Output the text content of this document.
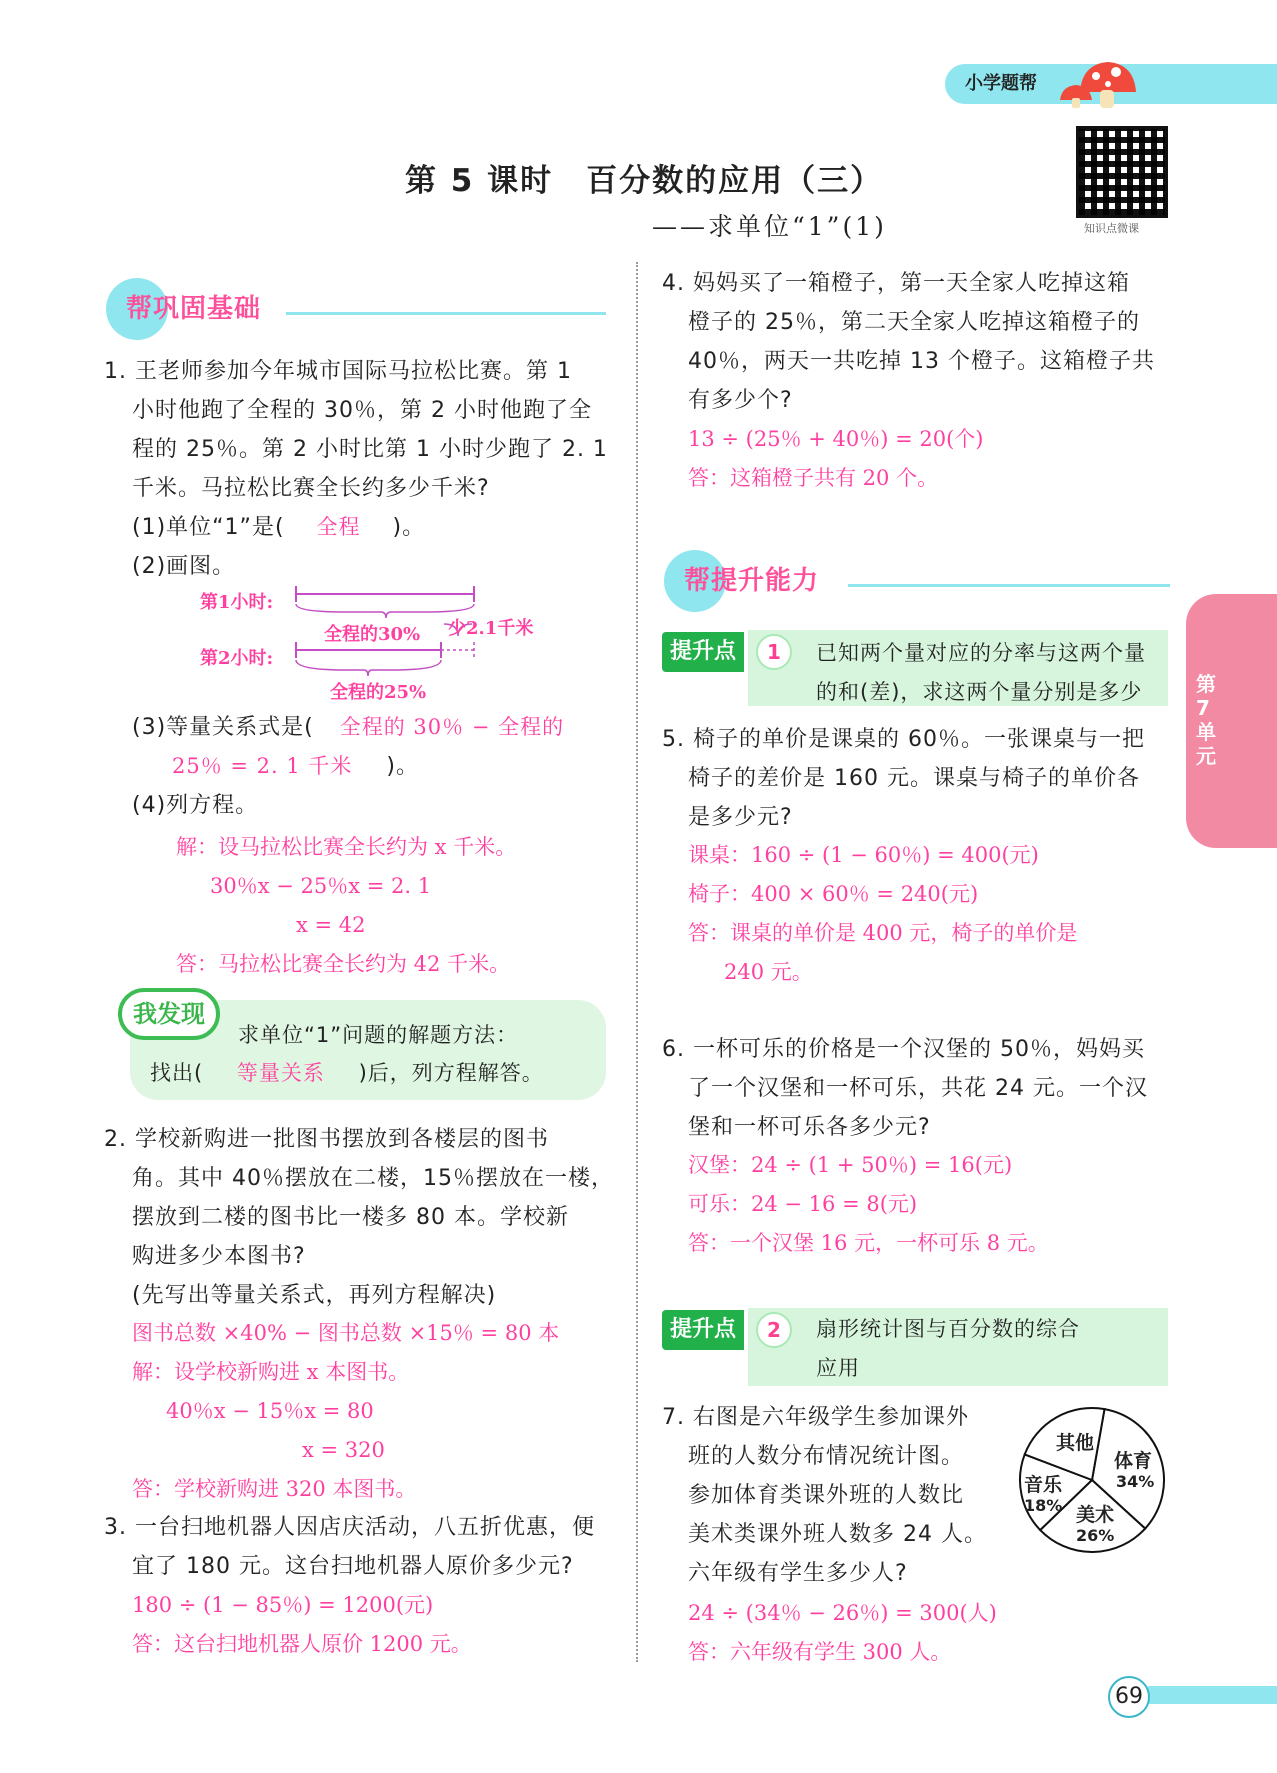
小学题帮
知识点微课
第 5 课时　百分数的应用（三）
——求单位“1”(1)
帮巩固基础
1. 王老师参加今年城市国际马拉松比赛。第 1
小时他跑了全程的 30％，第 2 小时他跑了全
程的 25％。第 2 小时比第 1 小时少跑了 2. 1
千米。马拉松比赛全长约多少千米?
(1)单位“1”是( 全程 )。
(2)画图。
第1小时:
第2小时:
全程的30%
全程的25%
少2.1千米
(3)等量关系式是( 全程的 30％ − 全程的
25％ = 2. 1 千米 )。
(4)列方程。
解：设马拉松比赛全长约为 x 千米。
30％x − 25％x = 2. 1
x = 42
答：马拉松比赛全长约为 42 千米。
我发现
求单位“1”问题的解题方法：
找出( 等量关系 )后，列方程解答。
2. 学校新购进一批图书摆放到各楼层的图书
角。其中 40％摆放在二楼，15％摆放在一楼，
摆放到二楼的图书比一楼多 80 本。学校新
购进多少本图书?
(先写出等量关系式，再列方程解决)
图书总数 ×40% − 图书总数 ×15％ = 80 本
解：设学校新购进 x 本图书。
40％x − 15％x = 80
x = 320
答：学校新购进 320 本图书。
3. 一台扫地机器人因店庆活动，八五折优惠，便
宜了 180 元。这台扫地机器人原价多少元?
180 ÷ (1 − 85％) = 1200(元)
答：这台扫地机器人原价 1200 元。
4. 妈妈买了一箱橙子，第一天全家人吃掉这箱
橙子的 25％，第二天全家人吃掉这箱橙子的
40％，两天一共吃掉 13 个橙子。这箱橙子共
有多少个?
13 ÷ (25％ + 40％) = 20(个)
答：这箱橙子共有 20 个。
帮提升能力
提升点	1	已知两个量对应的分率与这两个量
的和(差)，求这两个量分别是多少
5. 椅子的单价是课桌的 60％。一张课桌与一把
椅子的差价是 160 元。课桌与椅子的单价各
是多少元?
课桌：160 ÷ (1 − 60％) = 400(元)
椅子：400 × 60％ = 240(元)
答：课桌的单价是 400 元，椅子的单价是
240 元。
6. 一杯可乐的价格是一个汉堡的 50％，妈妈买
了一个汉堡和一杯可乐，共花 24 元。一个汉
堡和一杯可乐各多少元?
汉堡：24 ÷ (1 + 50％) = 16(元)
可乐：24 − 16 = 8(元)
答：一个汉堡 16 元，一杯可乐 8 元。
提升点	2	扇形统计图与百分数的综合
应用
7. 右图是六年级学生参加课外
班的人数分布情况统计图。
参加体育类课外班的人数比
美术类课外班人数多 24 人。
六年级有学生多少人?
24 ÷ (34％ − 26％) = 300(人)
答：六年级有学生 300 人。
其他
体育
34%
音乐
18% 美术
26%
第7单元
69
